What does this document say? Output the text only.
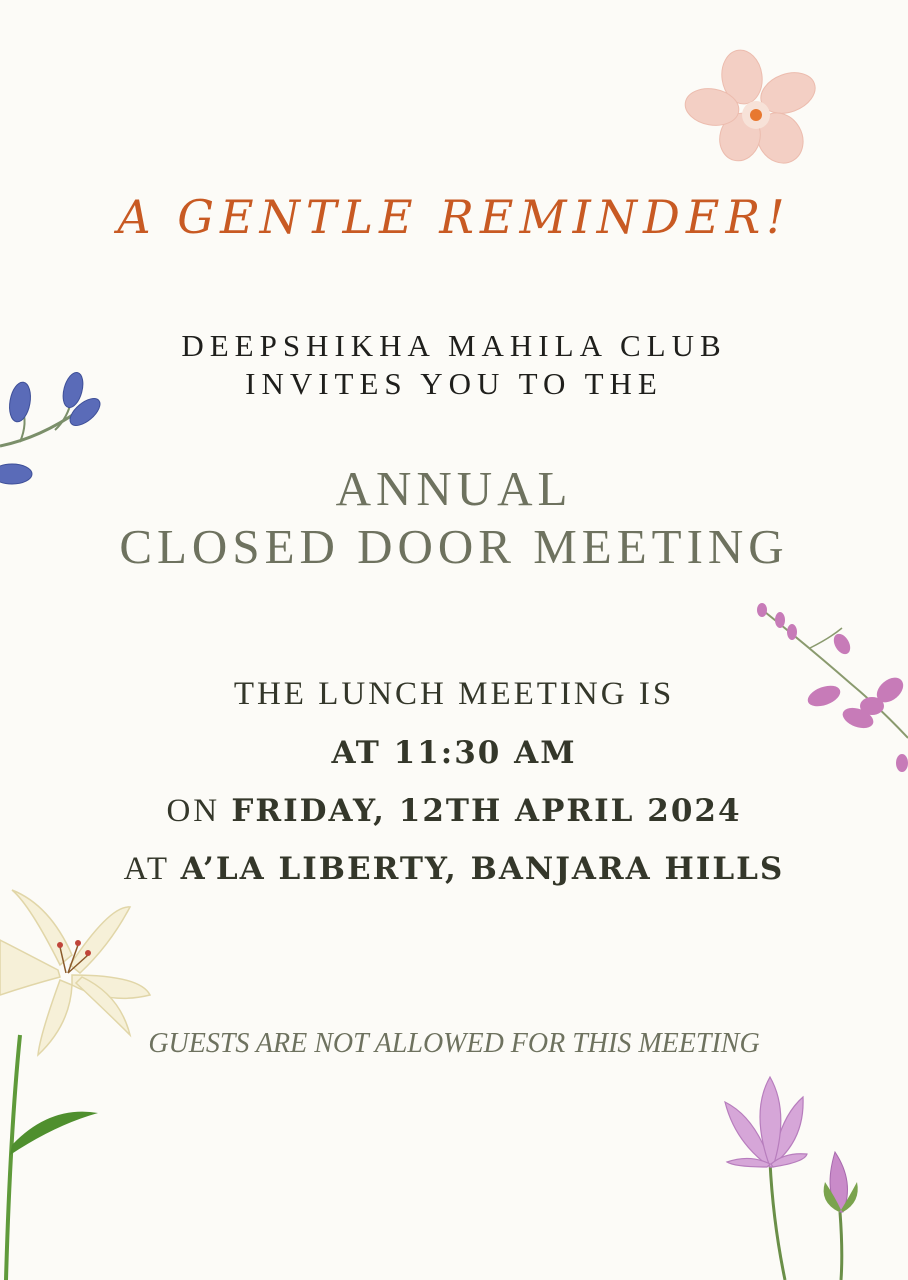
A GENTLE REMINDER!
DEEPSHIKHA MAHILA CLUB
INVITES YOU TO THE
ANNUAL
CLOSED DOOR MEETING
THE LUNCH MEETING IS
AT 11:30 AM
ON FRIDAY, 12TH APRIL 2024
AT A’LA LIBERTY, BANJARA HILLS
GUESTS ARE NOT ALLOWED FOR THIS MEETING
